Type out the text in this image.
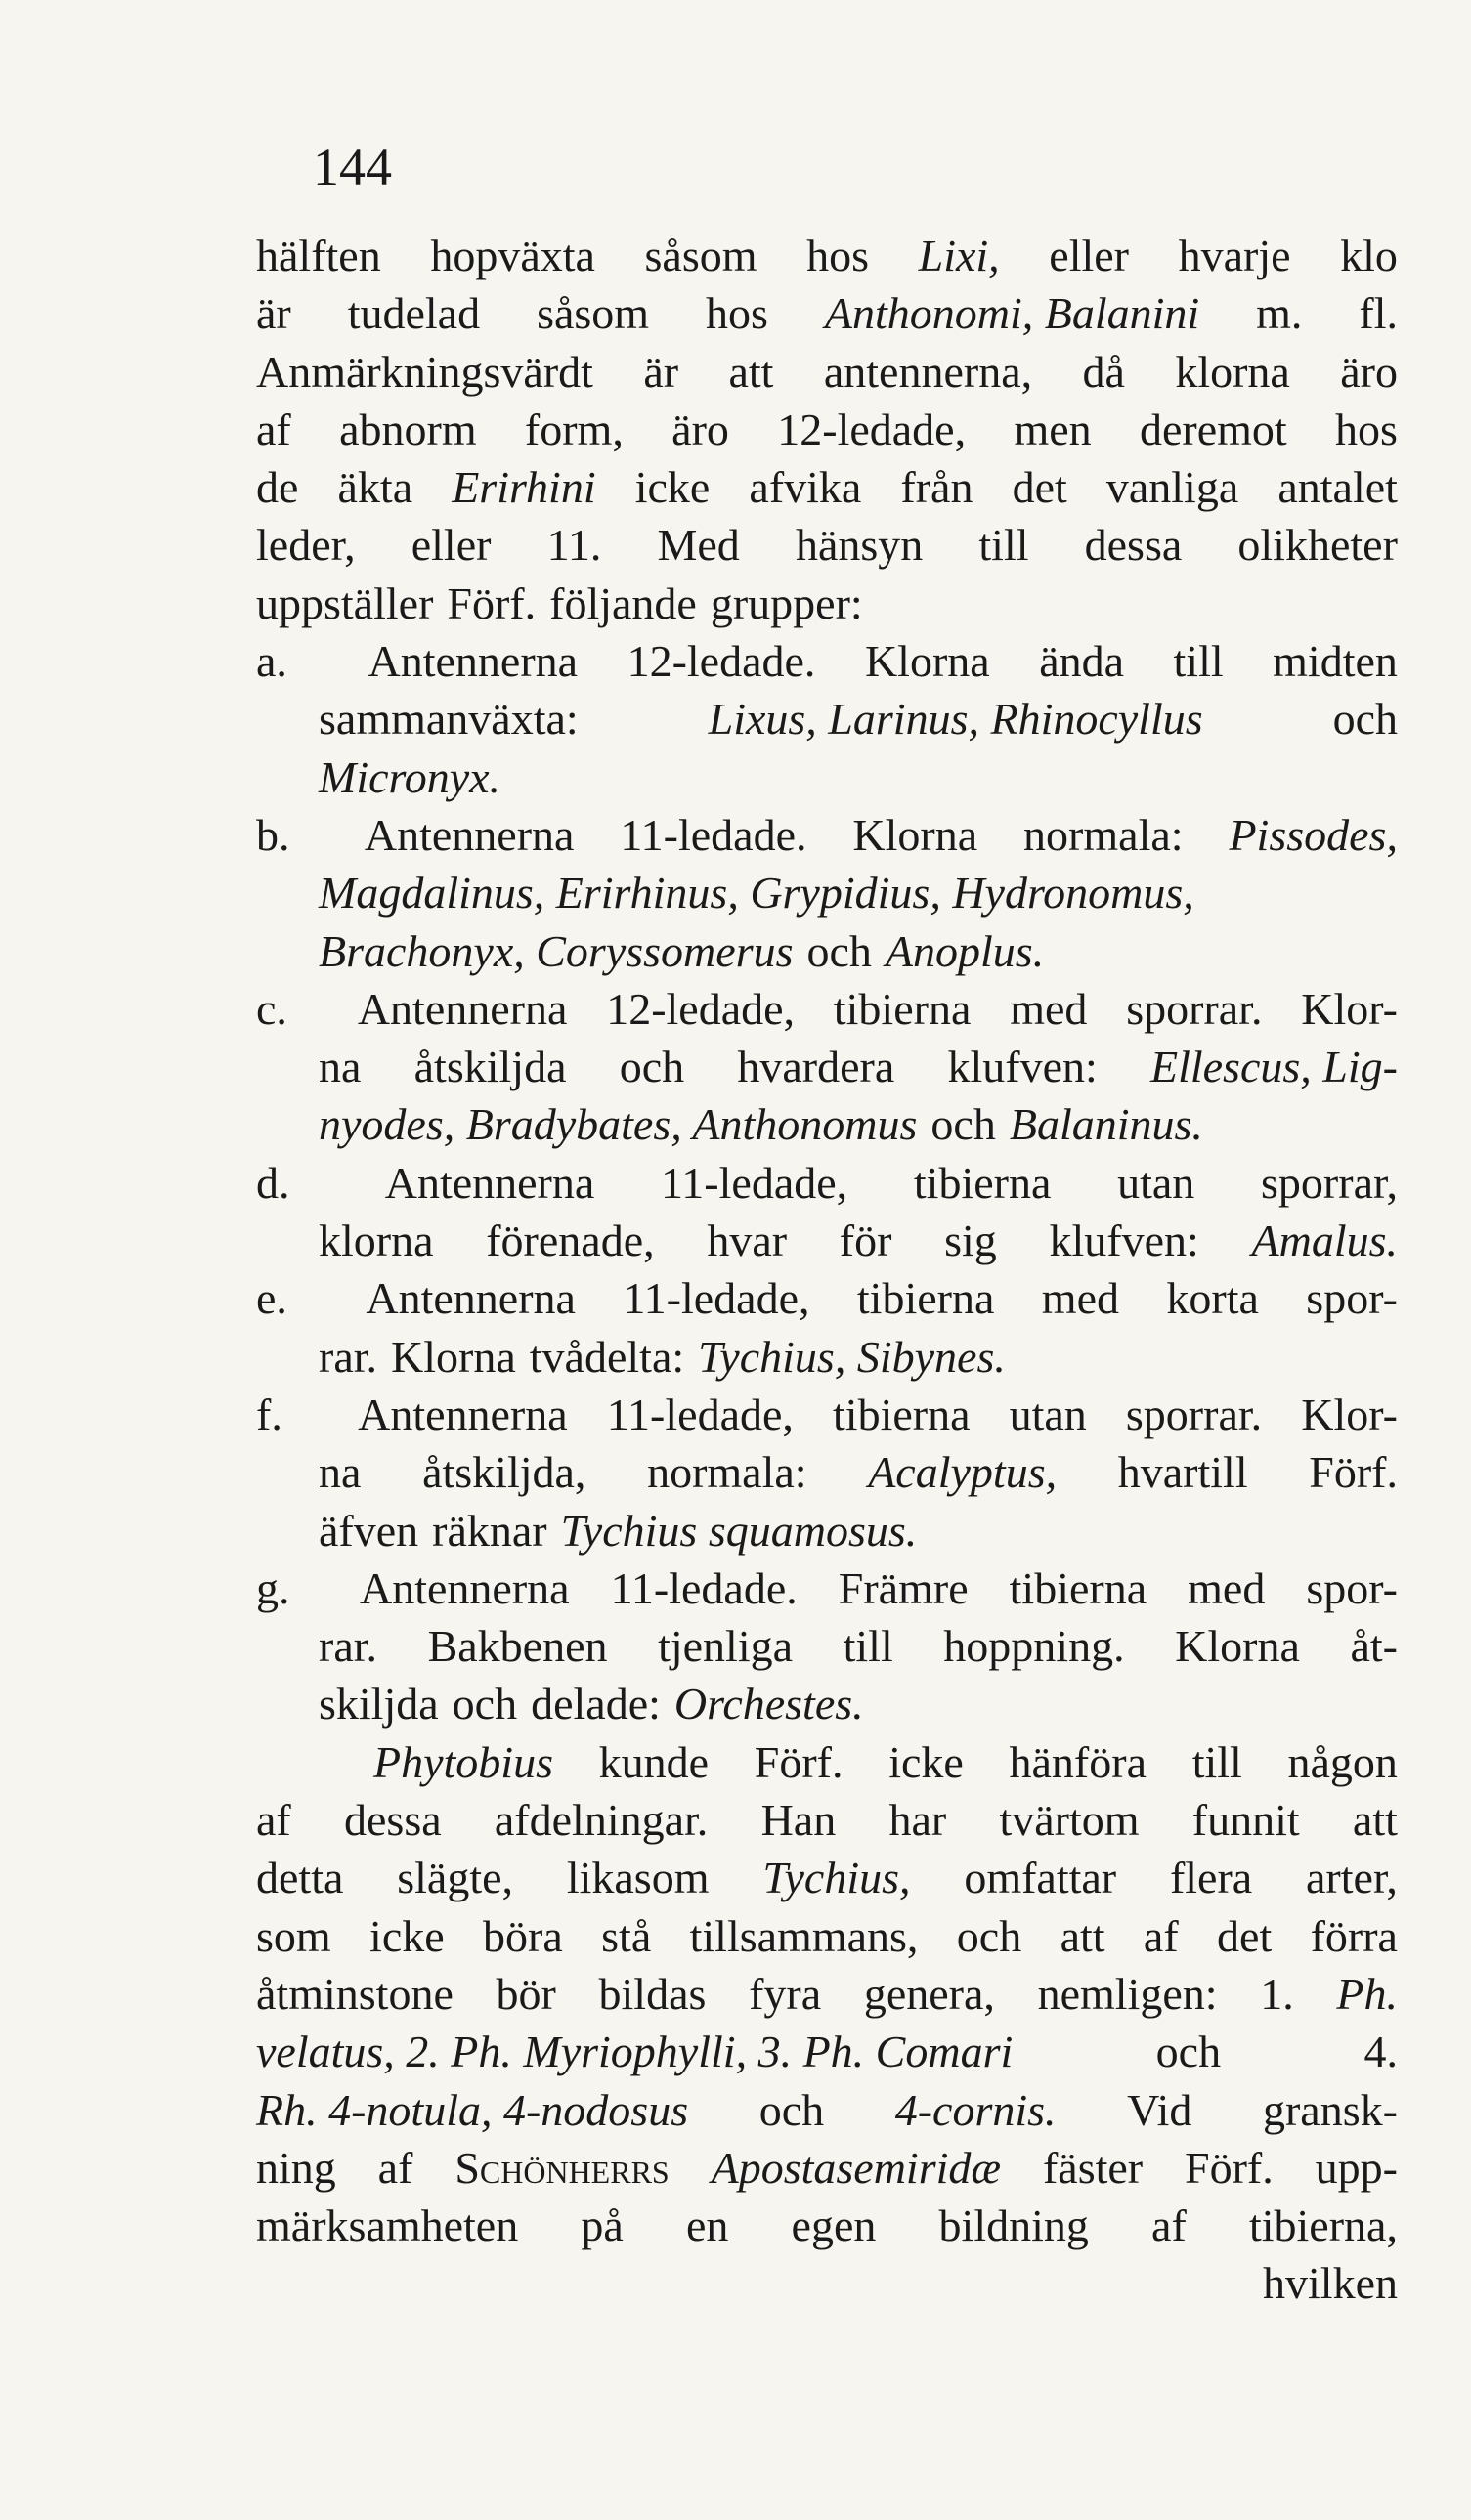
144
hälften hopväxta såsom hos Lixi, eller hvarje klo
är tudelad såsom hos Anthonomi, Balanini m. fl.
Anmärkningsvärdt är att antennerna, då klorna äro
af abnorm form, äro 12-ledade, men deremot hos
de äkta Erirhini icke afvika från det vanliga antalet
leder, eller 11. Med hänsyn till dessa olikheter
uppställer Förf. följande grupper:
a.	Antennerna 12-ledade. Klorna ända till midten
sammanväxta:	Lixus, Larinus, Rhinocyllus	och
Micronyx.
b.	Antennerna 11-ledade. Klorna normala: Pissodes,
Magdalinus, Erirhinus, Grypidius, Hydronomus,
Brachonyx, Coryssomerus och Anoplus.
c.	Antennerna 12-ledade, tibierna med sporrar. Klor-
na åtskiljda och hvardera klufven: Ellescus, Lig-
nyodes, Bradybates, Anthonomus och Balaninus.
d.	Antennerna 11-ledade, tibierna utan sporrar,
klorna förenade, hvar för sig klufven: Amalus.
e.	Antennerna 11-ledade, tibierna med korta spor-
rar. Klorna tvådelta: Tychius, Sibynes.
f.	Antennerna 11-ledade, tibierna utan sporrar. Klor-
na åtskiljda, normala: Acalyptus, hvartill Förf.
äfven räknar Tychius squamosus.
g.	Antennerna 11-ledade. Främre tibierna med spor-
rar. Bakbenen tjenliga till hoppning. Klorna åt-
skiljda och delade: Orchestes.
Phytobius kunde Förf. icke hänföra till någon
af dessa afdelningar. Han har tvärtom funnit att
detta slägte, likasom Tychius, omfattar flera arter,
som icke böra stå tillsammans, och att af det förra
åtminstone bör bildas fyra genera, nemligen: 1. Ph.
velatus, 2. Ph. Myriophylli, 3. Ph. Comari	och	4.
Rh. 4-notula, 4-nodosus och 4-cornis. Vid gransk-
ning af Schönherrs Apostasemiridæ fäster Förf. upp-
märksamheten på en egen bildning af tibierna,
hvilken
